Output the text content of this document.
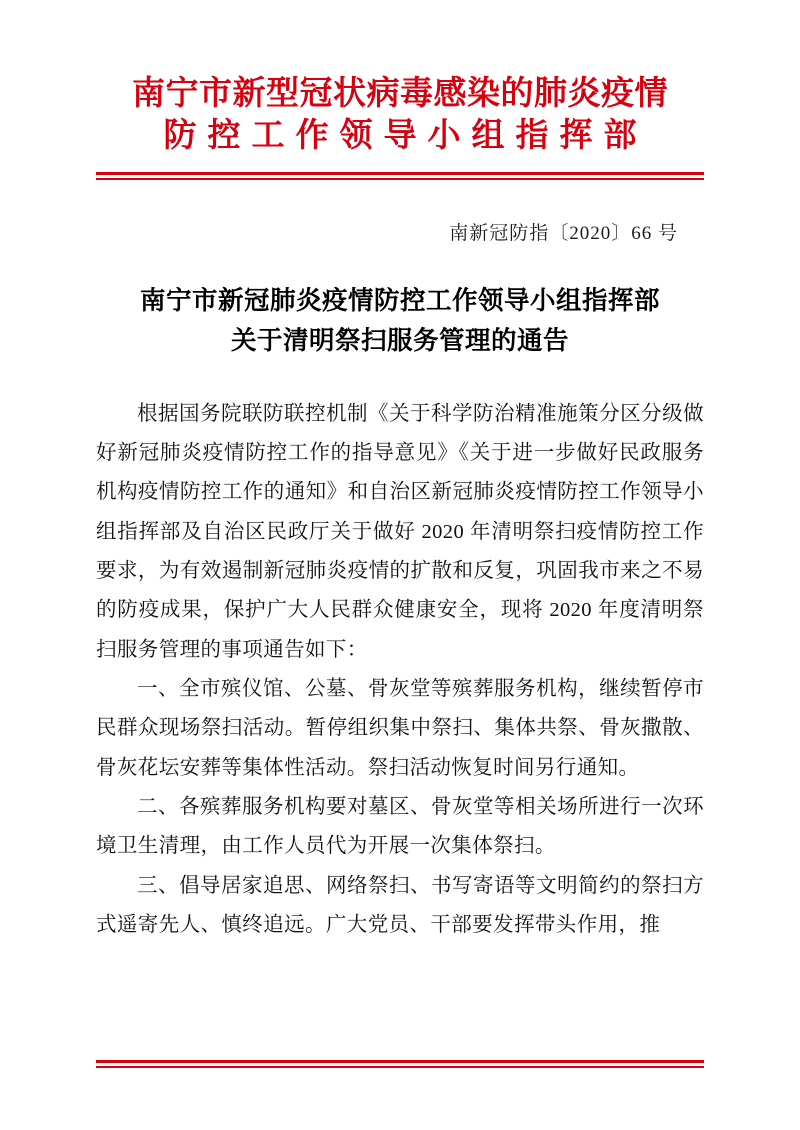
南宁市新型冠状病毒感染的肺炎疫情
防控工作领导小组指挥部
南新冠防指〔2020〕66 号
南宁市新冠肺炎疫情防控工作领导小组指挥部
关于清明祭扫服务管理的通告

根据国务院联防联控机制《关于科学防治精准施策分区分级做好新冠肺炎疫情防控工作的指导意见》《关于进一步做好民政服务机构疫情防控工作的通知》和自治区新冠肺炎疫情防控工作领导小组指挥部及自治区民政厅关于做好 2020 年清明祭扫疫情防控工作要求，为有效遏制新冠肺炎疫情的扩散和反复，巩固我市来之不易的防疫成果，保护广大人民群众健康安全，现将 2020 年度清明祭扫服务管理的事项通告如下：

一、全市殡仪馆、公墓、骨灰堂等殡葬服务机构，继续暂停市民群众现场祭扫活动。暂停组织集中祭扫、集体共祭、骨灰撒散、骨灰花坛安葬等集体性活动。祭扫活动恢复时间另行通知。

二、各殡葬服务机构要对墓区、骨灰堂等相关场所进行一次环境卫生清理，由工作人员代为开展一次集体祭扫。

三、倡导居家追思、网络祭扫、书写寄语等文明简约的祭扫方式遥寄先人、慎终追远。广大党员、干部要发挥带头作用，推
